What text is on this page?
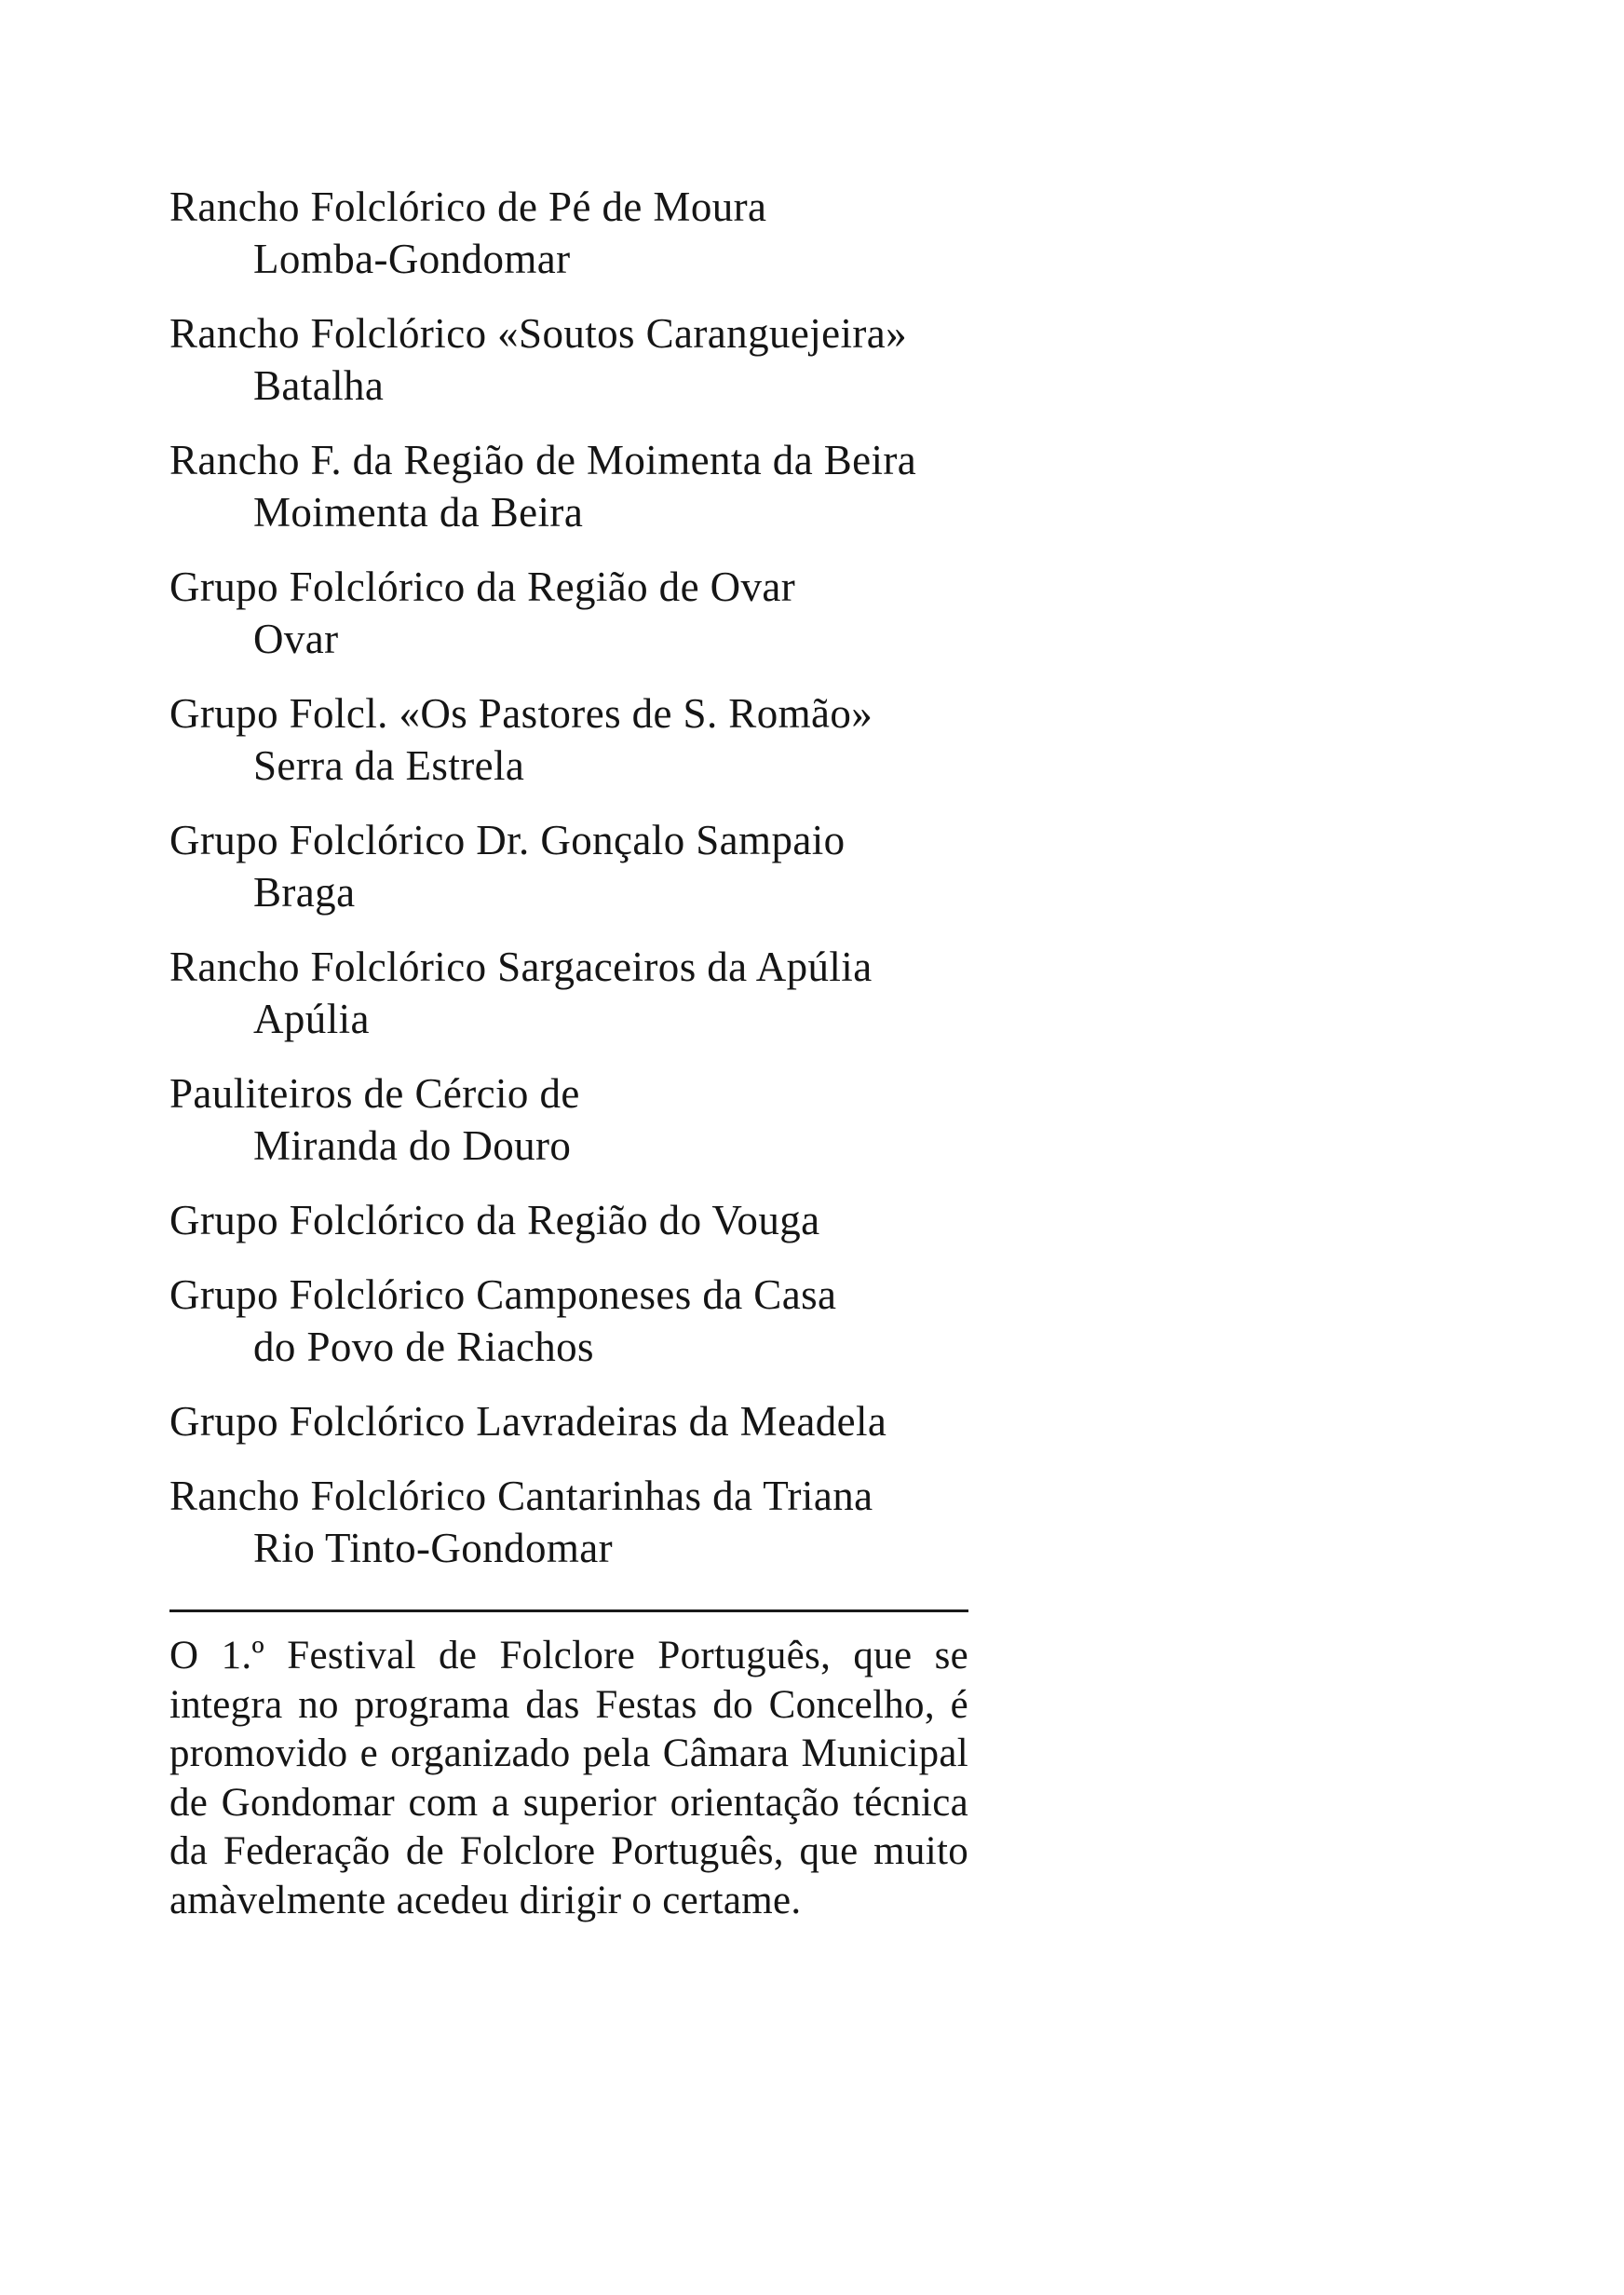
Rancho Folclórico de Pé de Moura
Lomba-Gondomar
Rancho Folclórico «Soutos Caranguejeira»
Batalha
Rancho F. da Região de Moimenta da Beira
Moimenta da Beira
Grupo Folclórico da Região de Ovar
Ovar
Grupo Folcl. «Os Pastores de S. Romão»
Serra da Estrela
Grupo Folclórico Dr. Gonçalo Sampaio
Braga
Rancho Folclórico Sargaceiros da Apúlia
Apúlia
Pauliteiros de Cércio de
Miranda do Douro
Grupo Folclórico da Região do Vouga
Grupo Folclórico Camponeses da Casa
do Povo de Riachos
Grupo Folclórico Lavradeiras da Meadela
Rancho Folclórico Cantarinhas da Triana
Rio Tinto-Gondomar

O 1.º Festival de Folclore Português, que se integra no programa das Festas do Concelho, é promovido e organizado pela Câmara Municipal de Gondomar com a superior orientação técnica da Federação de Folclore Português, que muito amàvelmente acedeu dirigir o certame.
